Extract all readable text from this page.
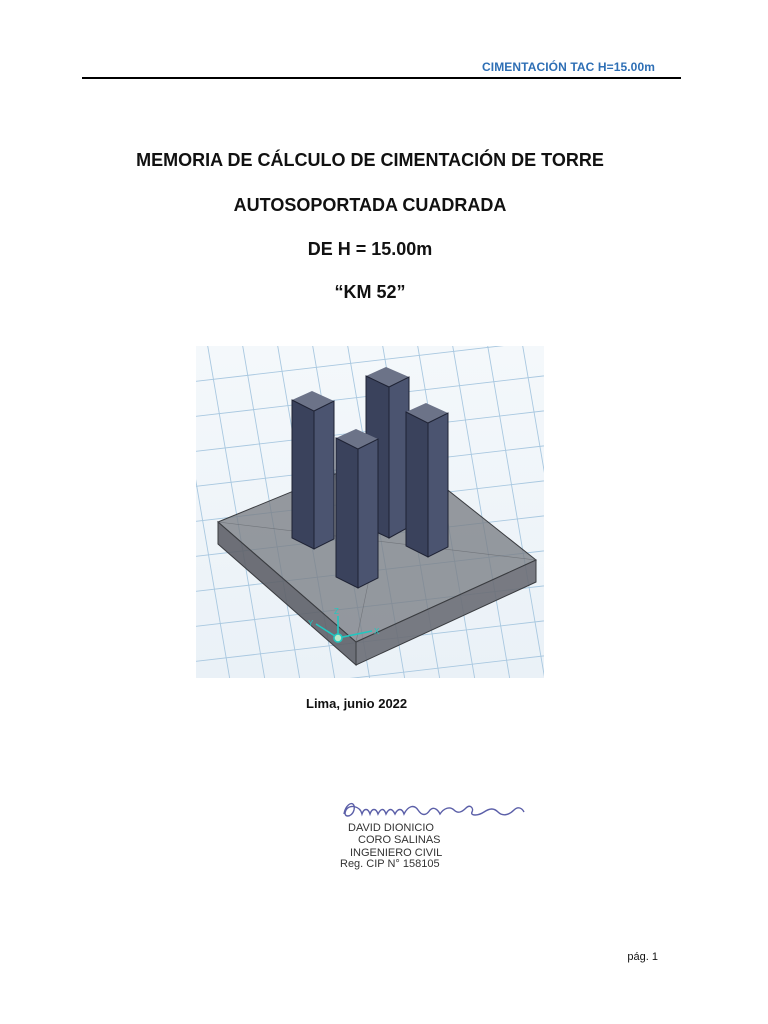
CIMENTACIÓN TAC H=15.00m
MEMORIA DE CÁLCULO DE CIMENTACIÓN DE TORRE
AUTOSOPORTADA CUADRADA
DE H = 15.00m
“KM 52”
Z
X
Y
Lima, junio 2022
DAVID DIONICIO
CORO SALINAS
INGENIERO CIVIL
Reg. CIP N° 158105
pág. 1
